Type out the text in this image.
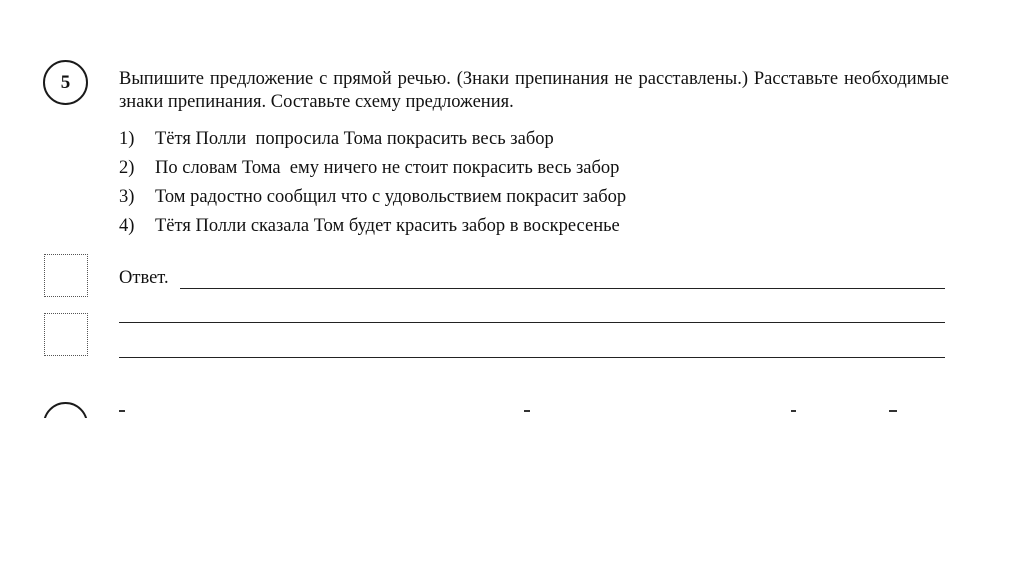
5	Выпишите предложение с прямой речью. (Знаки препинания не расставлены.) Расставьте необходимые знаки препинания. Составьте схему предложения.

1)	Тётя Полли  попросила Тома покрасить весь забор
2)	По словам Тома  ему ничего не стоит покрасить весь забор
3)	Том радостно сообщил что с удовольствием покрасит забор
4)	Тётя Полли сказала Том будет красить забор в воскресенье
Ответ.
